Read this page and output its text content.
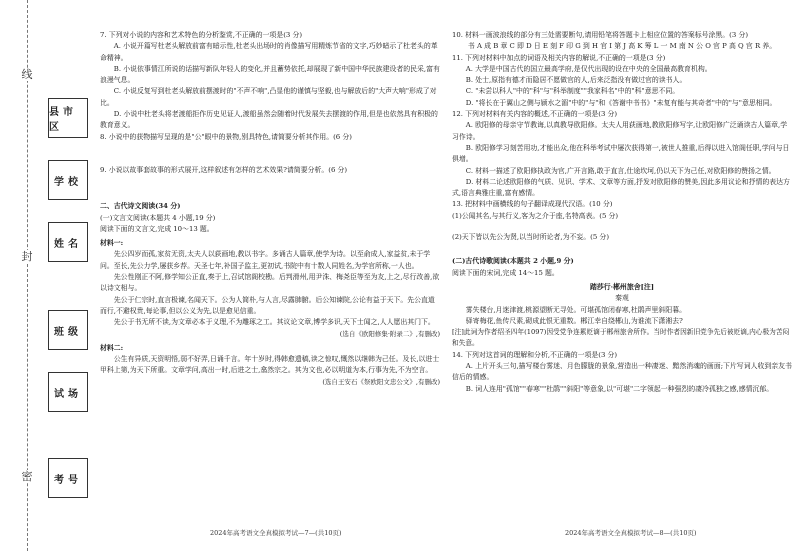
线
封
密
县市区
学校
姓名
班级
试场
考号

7. 下列对小说的内容和艺术特色的分析鉴赏,不正确的一项是(3 分)

A. 小说开篇写杜老头解放前富有暗示性,杜老头出场时的肖像描写用精炼节省的文字,巧妙暗示了杜老头的革命精神。

B. 小说依事情江所说的话描写新队年轻人的变化,并且蓄势依托,却展现了新中国中华民族建设者的民采,富有浪漫气息。

C. 小说反复写到杜老头解放前摆渡时的"不声不响",凸显他的谨慎与坚毅,也与解放后的"大声大响"形成了对比。

D. 小说中杜老头将老渡船拒作历史见证人,渡船虽然会随着时代发展失去摆渡的作用,但是也依然具有积极的教育意义。

8. 小说中的获物描写呈现的是"公"眼中的景物,别具特色,请简要分析其作用。(6 分)

9. 小说以故事套故事的形式展开,这样叙述有怎样的艺术效果?请简要分析。(6 分)

二、古代诗文阅读(34 分)

(一)文言文阅读(本题共 4 小题,19 分)

阅读下面的文言文,完成 10～13 题。

材料一:

先公四岁而孤,家贫无资,太夫人以荻画地,教以书字。多诵古人篇章,使学为诗。以至俞成人,家益贫,未于学问。至长,先公力学,屡获乡荐。天圣七年,补国子监主,更初试,书院中有十数人同姓名,为学官所称,一人也。

先公性刚正不阿,修学知公正直,奏于上,召试馆阁校勘。后判滑州,用尹洙、梅尧臣等至为友,上之,尽行改善,欲以诗文相与。

先公于仁宗时,直言极谏,名闻天下。公为人简朴,与人言,尽露肺腑。后公知谏院,公论有益于天下。先公直道而行,不避权贵,每论事,但以公义为先,以是愈见信重。

先公于书无所不读,为文章必本于义理,不为雕琢之工。其议论文章,博学多识,天下士闻之,人人愿出其门下。

(选自《欧阳修集·附录二》,有删改)

材料二:

公生有异质,天资明悟,弱不好弄,日诵千言。年十岁时,得韩愈遗稿,读之惊叹,慨然以继韩为己任。及长,以进士甲科上第,为天下所重。文章学问,高出一时,后进之士,翕然宗之。其为文也,必以明道为本,行事为先,不为空言。

(选自王安石《祭欧阳文忠公文》,有删改)

2024年高考语文全真模拟考试—7—(共10页)

10. 材料一画波浪线的部分有三处需要断句,请用铅笔将答题卡上相应位置的答案标号涂黑。(3 分)

书 A 成 B 章 C 即 D 日 E 刻 F 印 G 到 H 官 I 第 J 高 K 筹 L 一 M 南 N 公 O 官 P 高 Q 官 R 养。

11. 下列对材料中加点的词语及相关内容的解说,不正确的一项是(3 分)

A. 大学是中国古代的国立最高学府,是仅代出现的设在中央的全国最高教育机构。

B. 处士,原指有德才而隐居不愿做官的人,后来泛指没有做过官的读书人。

C. "未尝以科人"中的"科"与"科举制度""我家科名"中的"科"意思不同。

D. "将长在于翼山之侧与颍水之湄"中的"与"和《答谢中书书》"未复有能与其奇者"中的"与"意思相同。

12. 下列对材料有关内容的概述,不正确的一项是(3 分)

A. 欧阳修的母亲守节教诲,以真教导欧阳修。太夫人用荻画地,教欧阳修写字,让欧阳修广泛诵读古人篇章,学习作诗。

B. 欧阳修学习刻苦用功,才能出众,他在科举考试中屡次获得第一,被世人推重,后得以进入馆阁任职,学问与日俱增。

C. 材料一描述了欧阳修执政为官,广开言路,敢于直言,仕途坎坷,仍以天下为己任,对欧阳修的赞扬之情。

D. 材料二论述欧阳修的气质、见识、学术、文章等方面,抒发对欧阳修的赞美,因此多用议论和抒情的表达方式,语言典雅庄重,富有感情。

13. 把材料中画横线的句子翻译成现代汉语。(10 分)

(1)公闻其名,与其行义,客为之介于座,名特高表。(5 分)

(2)天下皆以先公为贤,以当时所论者,为不妄。(5 分)

(二)古代诗歌阅读(本题共 2 小题,9 分)

阅读下面的宋词,完成 14～15 题。

踏莎行·郴州旅舍[注]

秦观

雾失楼台,月迷津渡,桃源望断无寻处。可堪孤馆闭春寒,杜鹃声里斜阳暮。

驿寄梅花,鱼传尺素,砌成此恨无重数。郴江幸自绕郴山,为谁流下潇湘去?

[注]此词为作者绍圣四年(1097)因受党争连累贬谪于郴州旅舍所作。当时作者因新旧党争先后被贬谪,内心极为苦闷和失意。

14. 下列对这首词的理解和分析,不正确的一项是(3 分)

A. 上片开头三句,描写楼台雾迷、月色朦胧的景象,营造出一种凄迷、黯然消魂的画面;下片写词人收到亲友书信后的情感。

B. 词人连用"孤馆""春寒""杜鹃""斜阳"等意象,以"可堪"二字领起一种强烈的凄冷孤独之感,感情沉郁。

2024年高考语文全真模拟考试—8—(共10页)
